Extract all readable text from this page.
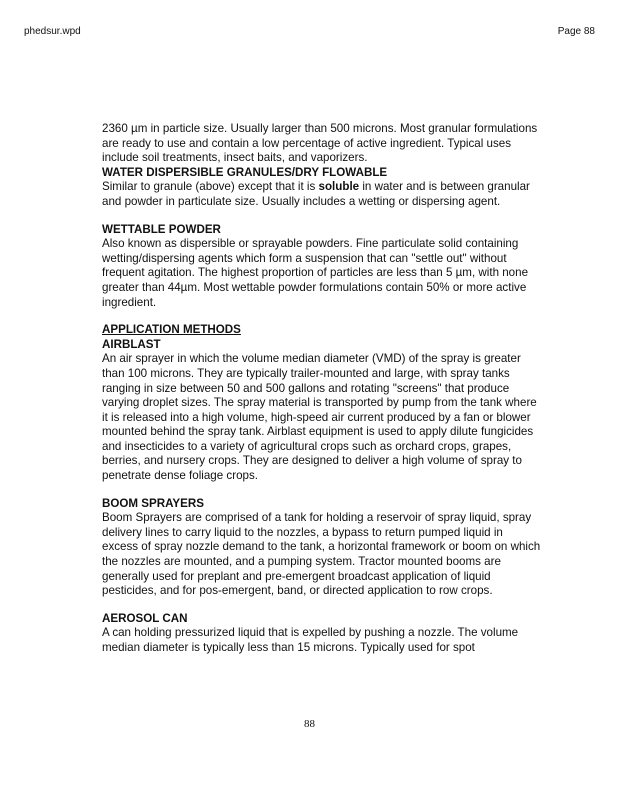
phedsur.wpd	Page 88

2360 µm in particle size. Usually larger than 500 microns. Most granular formulations are ready to use and contain a low percentage of active ingredient. Typical uses include soil treatments, insect baits, and vaporizers.

WATER DISPERSIBLE GRANULES/DRY FLOWABLE

Similar to granule (above) except that it is soluble in water and is between granular and powder in particulate size. Usually includes a wetting or dispersing agent.

WETTABLE POWDER

Also known as dispersible or sprayable powders. Fine particulate solid containing wetting/dispersing agents which form a suspension that can "settle out" without frequent agitation. The highest proportion of particles are less than 5 µm, with none greater than 44µm. Most wettable powder formulations contain 50% or more active ingredient.

APPLICATION METHODS

AIRBLAST

An air sprayer in which the volume median diameter (VMD) of the spray is greater than 100 microns. They are typically trailer-mounted and large, with spray tanks ranging in size between 50 and 500 gallons and rotating "screens" that produce varying droplet sizes. The spray material is transported by pump from the tank where it is released into a high volume, high-speed air current produced by a fan or blower mounted behind the spray tank. Airblast equipment is used to apply dilute fungicides and insecticides to a variety of agricultural crops such as orchard crops, grapes, berries, and nursery crops. They are designed to deliver a high volume of spray to penetrate dense foliage crops.

BOOM SPRAYERS

Boom Sprayers are comprised of a tank for holding a reservoir of spray liquid, spray delivery lines to carry liquid to the nozzles, a bypass to return pumped liquid in excess of spray nozzle demand to the tank, a horizontal framework or boom on which the nozzles are mounted, and a pumping system. Tractor mounted booms are generally used for preplant and pre-emergent broadcast application of liquid pesticides, and for pos-emergent, band, or directed application to row crops.

AEROSOL CAN

A can holding pressurized liquid that is expelled by pushing a nozzle. The volume median diameter is typically less than 15 microns. Typically used for spot

88
